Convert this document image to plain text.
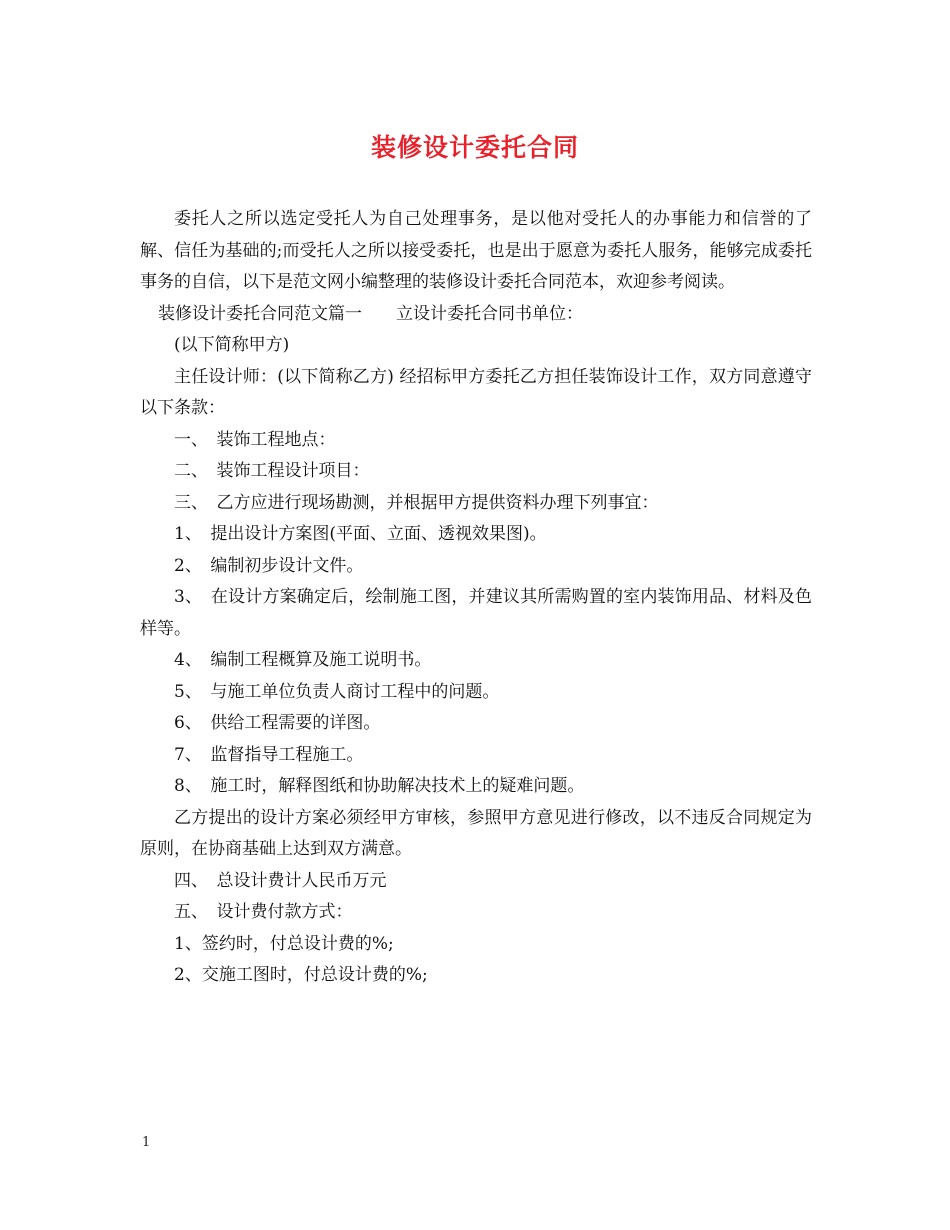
装修设计委托合同

委托人之所以选定受托人为自己处理事务，是以他对受托人的办事能力和信誉的了解、信任为基础的;而受托人之所以接受委托，也是出于愿意为委托人服务，能够完成委托事务的自信，以下是范文网小编整理的装修设计委托合同范本，欢迎参考阅读。

装修设计委托合同范文篇一　　立设计委托合同书单位：

(以下简称甲方)

主任设计师：(以下简称乙方) 经招标甲方委托乙方担任装饰设计工作，双方同意遵守以下条款：

一、　装饰工程地点：

二、　装饰工程设计项目：

三、　乙方应进行现场勘测，并根据甲方提供资料办理下列事宜：

1、　提出设计方案图(平面、立面、透视效果图)。

2、　编制初步设计文件。

3、　在设计方案确定后，绘制施工图，并建议其所需购置的室内装饰用品、材料及色样等。

4、　编制工程概算及施工说明书。

5、　与施工单位负责人商讨工程中的问题。

6、　供给工程需要的详图。

7、　监督指导工程施工。

8、　施工时，解释图纸和协助解决技术上的疑难问题。

乙方提出的设计方案必须经甲方审核，参照甲方意见进行修改，以不违反合同规定为原则，在协商基础上达到双方满意。

四、　总设计费计人民币万元

五、　设计费付款方式：

1、签约时，付总设计费的%;

2、交施工图时，付总设计费的%;

1
